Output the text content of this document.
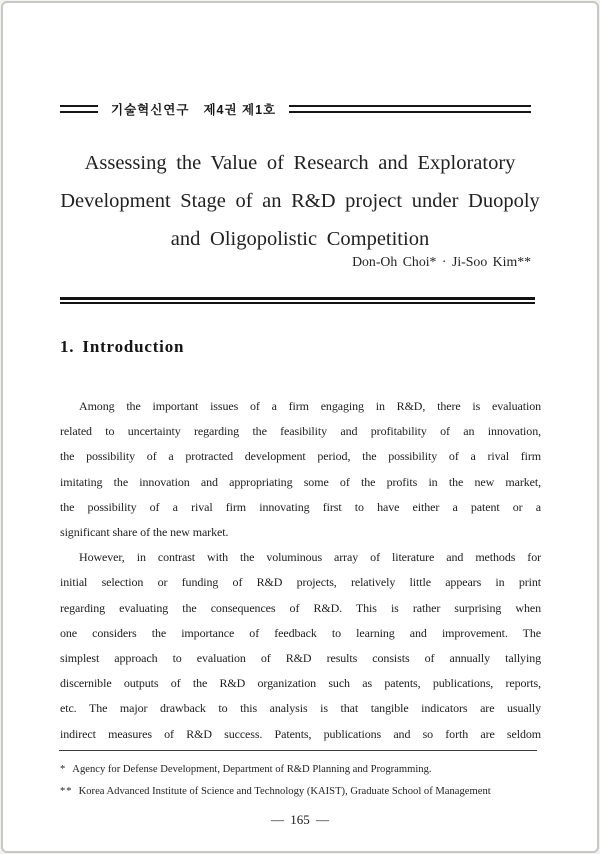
기술혁신연구 제4권 제1호
Assessing the Value of Research and Exploratory
Development Stage of an R&D project under Duopoly
and Oligopolistic Competition
Don-Oh Choi* · Ji-Soo Kim**
1. Introduction
Among the important issues of a firm engaging in R&D, there is evaluation
related to uncertainty regarding the feasibility and profitability of an innovation,
the possibility of a protracted development period, the possibility of a rival firm
imitating the innovation and appropriating some of the profits in the new market,
the possibility of a rival firm innovating first to have either a patent or a
significant share of the new market.
However, in contrast with the voluminous array of literature and methods for
initial selection or funding of R&D projects, relatively little appears in print
regarding evaluating the consequences of R&D. This is rather surprising when
one considers the importance of feedback to learning and improvement. The
simplest approach to evaluation of R&D results consists of annually tallying
discernible outputs of the R&D organization such as patents, publications, reports,
etc. The major drawback to this analysis is that tangible indicators are usually
indirect measures of R&D success. Patents, publications and so forth are seldom
* Agency for Defense Development, Department of R&D Planning and Programming.
** Korea Advanced Institute of Science and Technology (KAIST), Graduate School of Management
— 165 —
